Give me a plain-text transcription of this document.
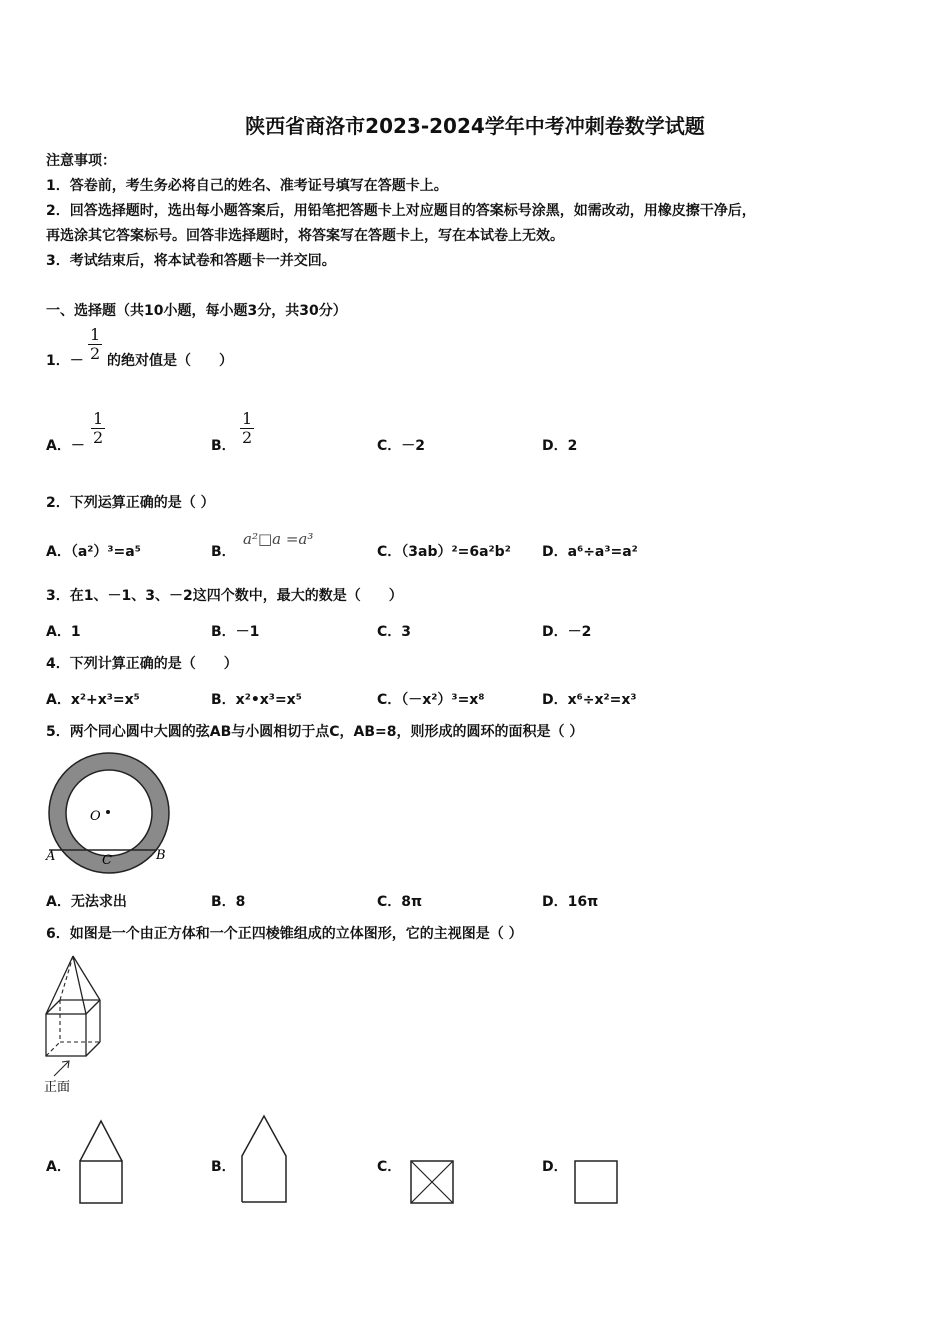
陕西省商洛市2023-2024学年中考冲刺卷数学试题
注意事项：
1．答卷前，考生务必将自己的姓名、准考证号填写在答题卡上。
2．回答选择题时，选出每小题答案后，用铅笔把答题卡上对应题目的答案标号涂黑，如需改动，用橡皮擦干净后，
再选涂其它答案标号。回答非选择题时，将答案写在答题卡上，写在本试卷上无效。
3．考试结束后，将本试卷和答题卡一并交回。
一、选择题（共10小题，每小题3分，共30分）
1．－ $\frac{1}{2}$ 的绝对值是（　　）
A．－ $\frac{1}{2}$	B． $\frac{1}{2}$	C．－2	D．2
2．下列运算正确的是（ ）
A．（a²）³=a⁵	B．
a²□a =a³
C．（3ab）²=6a²b² D．a⁶÷a³=a²
3．在1、－1、3、－2这四个数中，最大的数是（　　）
A．1	B．－1	C．3	D．－2
4．下列计算正确的是（　　）
A．x²+x³=x⁵	B．x²•x³=x⁵	C．（－x²）³=x⁸	D．x⁶÷x²=x³
5．两个同心圆中大圆的弦AB与小圆相切于点C，AB=8，则形成的圆环的面积是（ ）
O
A	B
C
A．无法求出	B．8	C．8π	D．16π
6．如图是一个由正方体和一个正四棱锥组成的立体图形，它的主视图是（ ）
正面
A．	B．	C．	D．
